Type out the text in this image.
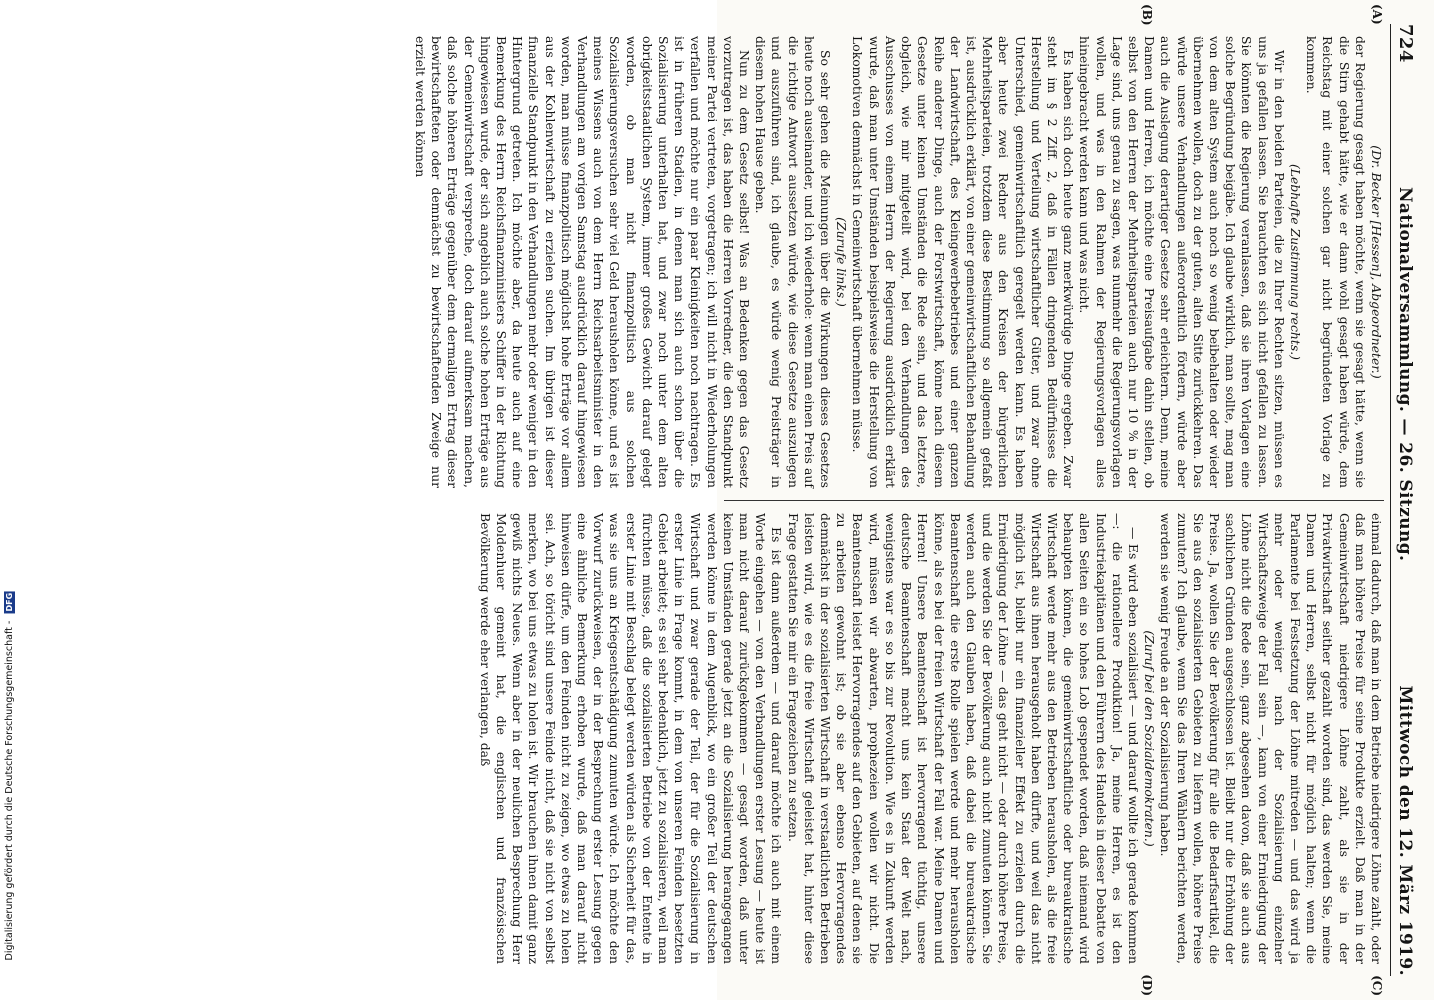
724
Nationalversammlung. — 26. Sitzung.
Mittwoch den 12. März 1919.
(A)
(B)
(C)
(D)

(Dr. Becker [Hessen], Abgeordneter.)

der Regierung gesagt haben möchte, wenn sie gesagt hätte, wenn sie die Stirn gehabt hätte, wie er dann wohl gesagt haben würde, dem Reichstag mit einer solchen gar nicht begründeten Vorlage zu kommen.

(Lebhafte Zustimmung rechts.)

Wir in den beiden Parteien, die zu Ihrer Rechten sitzen, müssen es uns ja gefallen lassen. Sie brauchten es sich nicht gefallen zu lassen. Sie könnten die Regierung veranlassen, daß sie ihren Vorlagen eine solche Begründung beigäbe. Ich glaube wirklich, man sollte, mag man von dem alten System auch noch so wenig beibehalten oder wieder übernehmen wollen, doch zu der guten, alten Sitte zurückkehren. Das würde unsere Verhandlungen außerordentlich fördern, würde aber auch die Auslegung derartiger Gesetze sehr erleichtern. Denn, meine Damen und Herren, ich möchte eine Preisaufgabe dahin stellen, ob selbst von den Herren der Mehrheitsparteien auch nur 10 % in der Lage sind, uns genau zu sagen, was nunmehr die Regierungsvorlagen wollen, und was in den Rahmen der Regierungsvorlagen alles hineingebracht werden kann und was nicht.

Es haben sich doch heute ganz merkwürdige Dinge ergeben. Zwar steht im § 2 Ziff. 2, daß in Fällen dringenden Bedürfnisses die Herstellung und Verteilung wirtschaftlicher Güter, und zwar ohne Unterschied, gemeinwirtschaftlich geregelt werden kann. Es haben aber heute zwei Redner aus den Kreisen der bürgerlichen Mehrheitsparteien, trotzdem diese Bestimmung so allgemein gefaßt ist, ausdrücklich erklärt, von einer gemeinwirtschaftlichen Behandlung der Landwirtschaft, des Kleingewerbebetriebes und einer ganzen Reihe anderer Dinge, auch der Forstwirtschaft, könne nach diesem Gesetze unter keinen Umständen die Rede sein, und das letztere, obgleich, wie mir mitgeteilt wird, bei den Verhandlungen des Ausschusses von einem Herrn der Regierung ausdrücklich erklärt wurde, daß man unter Umständen beispielsweise die Herstellung von Lokomotiven demnächst in Gemeinwirtschaft übernehmen müsse.

(Zurufe links.)

So sehr gehen die Meinungen über die Wirkungen dieses Gesetzes heute noch auseinander, und ich wiederhole: wenn man einen Preis auf die richtige Antwort aussetzen würde, wie diese Gesetze auszulegen und auszuführen sind, ich glaube, es würde wenig Preisträger in diesem hohen Hause geben.

Nun zu dem Gesetz selbst! Was an Bedenken gegen das Gesetz vorzutragen ist, das haben die Herren Vorredner, die den Standpunkt meiner Partei vertreten, vorgetragen; ich will nicht in Wiederholungen verfallen und möchte nur ein paar Kleinigkeiten noch nachtragen. Es ist in früheren Stadien, in denen man sich auch schon über die Sozialisierung unterhalten hat, und zwar noch unter dem alten obrigkeitsstaatlichen System, immer großes Gewicht darauf gelegt worden, ob man nicht finanzpolitisch aus solchen Sozialisierungsversuchen sehr viel Geld herausholen könne, und es ist meines Wissens auch von dem Herrn Reichsarbeitsminister in den Verhandlungen am vorigen Samstag ausdrücklich darauf hingewiesen worden, man müsse finanzpolitisch möglichst hohe Erträge vor allem aus der Kohlenwirtschaft zu erzielen suchen. Im übrigen ist dieser finanzielle Standpunkt in den Verhandlungen mehr oder weniger in den Hintergrund getreten. Ich möchte aber, da heute auch auf eine Bemerkung des Herrn Reichsfinanzministers Schiffer in der Richtung hingewiesen wurde, der sich angeblich auch solche hohen Erträge aus der Gemeinwirtschaft verspreche, doch darauf aufmerksam machen, daß solche höheren Erträge gegenüber dem dermaligen Ertrag dieser bewirtschafteten oder demnächst zu bewirtschaftenden Zweige nur erzielt werden können

einmal dadurch, daß man in dem Betriebe niedrigere Löhne zahlt, oder daß man höhere Preise für seine Produkte erzielt. Daß man in der Gemeinwirtschaft niedrigere Löhne zahlt, als sie in der Privatwirtschaft seither gezahlt worden sind, das werden Sie, meine Damen und Herren, selbst nicht für möglich halten; wenn die Parlamente bei Festsetzung der Löhne mitreden — und das wird ja mehr oder weniger nach der Sozialisierung einzelner Wirtschaftszweige der Fall sein —, kann von einer Erniedrigung der Löhne nicht die Rede sein, ganz abgesehen davon, daß sie auch aus sachlichen Gründen ausgeschlossen ist. Bleibt nur die Erhöhung der Preise. Ja, wollen Sie der Bevölkerung für alle die Bedarfsartikel, die Sie aus den sozialisierten Gebieten zu liefern wollen, höhere Preise zumuten? Ich glaube, wenn Sie das Ihren Wählern berichten werden, werden sie wenig Freude an der Sozialisierung haben.

(Zuruf bei den Sozialdemokraten.)

— Es wird eben sozialisiert — und darauf wollte ich gerade kommen —: die rationellere Produktion! Ja, meine Herren, es ist den Industriekapitänen und den Führern des Handels in dieser Debatte von allen Seiten ein so hohes Lob gespendet worden, daß niemand wird behaupten können, die gemeinwirtschaftliche oder bureaukratische Wirtschaft werde mehr aus den Betrieben herausholen, als die freie Wirtschaft aus ihnen herausgeholt haben dürfte, und weil das nicht möglich ist, bleibt nur ein finanzieller Effekt zu erzielen durch die Erniedrigung der Löhne — das geht nicht — oder durch höhere Preise, und die werden Sie der Bevölkerung auch nicht zumuten können. Sie werden auch den Glauben haben, daß dabei die bureaukratische Beamtenschaft die erste Rolle spielen werde und mehr herausholen könne, als es bei der freien Wirtschaft der Fall war. Meine Damen und Herren! Unsere Beamtenschaft ist hervorragend tüchtig, unsere deutsche Beamtenschaft macht uns kein Staat der Welt nach, wenigstens war es so bis zur Revolution. Wie es in Zukunft werden wird, müssen wir abwarten, prophezeien wollen wir nicht. Die Beamtenschaft leistet Hervorragendes auf den Gebieten, auf denen sie zu arbeiten gewohnt ist; ob sie aber ebenso Hervorragendes demnächst in der sozialisierten Wirtschaft in verstaatlichten Betrieben leisten wird, wie es die freie Wirtschaft geleistet hat, hinter diese Frage gestatten Sie mir ein Fragezeichen zu setzen.

Es ist dann außerdem — und darauf möchte ich auch mit einem Worte eingehen — von den Verbandlungen erster Lesung — heute ist man nicht darauf zurückgekommen — gesagt worden, daß unter keinen Umständen gerade jetzt an die Sozialisierung herangegangen werden könne in dem Augenblick, wo ein großer Teil der deutschen Wirtschaft und zwar gerade der Teil, der für die Sozialisierung in erster Linie in Frage kommt, in dem von unseren Feinden besetzten Gebiet arbeitet; es sei sehr bedenklich, jetzt zu sozialisieren, weil man fürchten müsse, daß die sozialisierten Betriebe von der Entente in erster Linie mit Beschlag belegt werden würden als Sicherheit für das, was sie uns an Kriegsentschädigung zumuten würde. Ich möchte den Vorwurf zurückweisen, der in der Besprechung erster Lesung gegen eine ähnliche Bemerkung erhoben wurde, daß man darauf nicht hinweisen dürfe, um den Feinden nicht zu zeigen, wo etwas zu holen sei. Ach, so töricht sind unsere Feinde nicht, daß sie nicht von selbst merken, wo bei uns etwas zu holen ist. Wir brauchen ihnen damit ganz gewiß nichts Neues. Wenn aber in der neulichen Besprechung Herr Moldenhuer gemeint hat, die englischen und französischen Bevölkerung werde eher verlangen, daß

Digitalisierung gefördert durch die Deutsche Forschungsgemeinschaft - DFG
